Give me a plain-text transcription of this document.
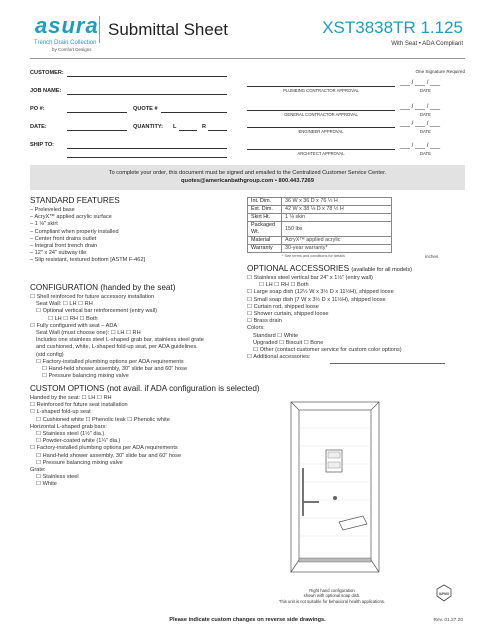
asura
Trench Drain Collection
by Comfort Designs
Submittal Sheet	XST3838TR 1.125
With Seat • ADA Compliant
CUSTOMER:
JOB NAME:
PO #:	QUOTE #
DATE:	QUANTITY: L	R
SHIP TO:
One Signature Required
PLUMBING CONTRACTOR APPROVAL
___ / ___ / ___
DATE
GENERAL CONTRACTOR APPROVAL
___ / ___ / ___
DATE
ENGINEER APPROVAL
___ / ___ / ___
DATE
ARCHITECT APPROVAL
___ / ___ / ___
DATE
To complete your order, this document must be signed and emailed to the Centralized Customer Service Center.
quotes@americanbathgroup.com • 800.443.7269
STANDARD FEATURES
– Preleveled base
– AcryX™ applied acrylic surface
– 1 ⅛" skirt
– Compliant when properly installed
– Center front drains outlet
– Integral front trench drain
– 12" x 24" subway tile
– Slip resistant, textured bottom [ASTM F-462]
Int. Dim.	36 W x 36 D x 76 ½ H
Ext. Dim.	42 W x 38 ⅛ D x 78 ½ H
Skirt Ht.	1 ⅛ skin
Packaged Wt.	150 lbs
Material	AcryX™ applied acrylic
Warranty	30-year warranty*
* See terms and conditions for details	inches
CONFIGURATION (handed by the seat)
☐ Shell reinforced for future accessory installation
Seat Wall: ☐ LH ☐ RH
☐ Optional vertical bar reinforcement (entry wall)
☐ LH ☐ RH ☐ Both
☐ Fully configured with seat – ADA
Seat Wall (must choose one): ☐ LH ☐ RH
Includes one stainless steel L-shaped grab bar, stainless steel grate
and cushioned, white, L-shaped fold-up seat, per ADA guidelines.
(std config)
☐ Factory-installed plumbing options per ADA requirements
☐ Hand-held shower assembly, 30" slide bar and 60" hose
☐ Pressure balancing mixing valve
OPTIONAL ACCESSORIES (available for all models)
☐ Stainless steel vertical bar 24" x 1½" (entry wall)
☐ LH ☐ RH ☐ Both
☐ Large soap dish (12½ W x 3½ D x 11½H), shipped loose
☐ Small soap dish (7 W x 3½ D x 11½H), shipped loose
☐ Curtain rod, shipped loose
☐ Shower curtain, shipped loose
☐ Brass drain
Colors:
Standard ☐ White
Upgraded ☐ Biscuit ☐ Bone
☐ Other (contact customer service for custom color options)
☐ Additional accessories:
CUSTOM OPTIONS (not avail. if ADA configuration is selected)
Handed by the seat: ☐ LH ☐ RH
☐ Reinforced for future seat installation
☐ L-shaped fold-up seat
☐ Cushioned white ☐ Phenolic teak ☐ Phenolic white
Horizontal L-shaped grab bars:
☐ Stainless steel (1½" dia.)
☐ Powder-coated white (1¼" dia.)
☐ Factory-installed plumbing options per ADA requirements
☐ Hand-held shower assembly, 30" slide bar and 60" hose
☐ Pressure balancing mixing valve
Grate:
☐ Stainless steel
☐ White
Right hand configuration
shown with optional soap dish.
This unit is not suitable for behavioral health applications.
IAPMO
Please indicate custom changes on reverse side drawings.	Rev. 01.27.20
